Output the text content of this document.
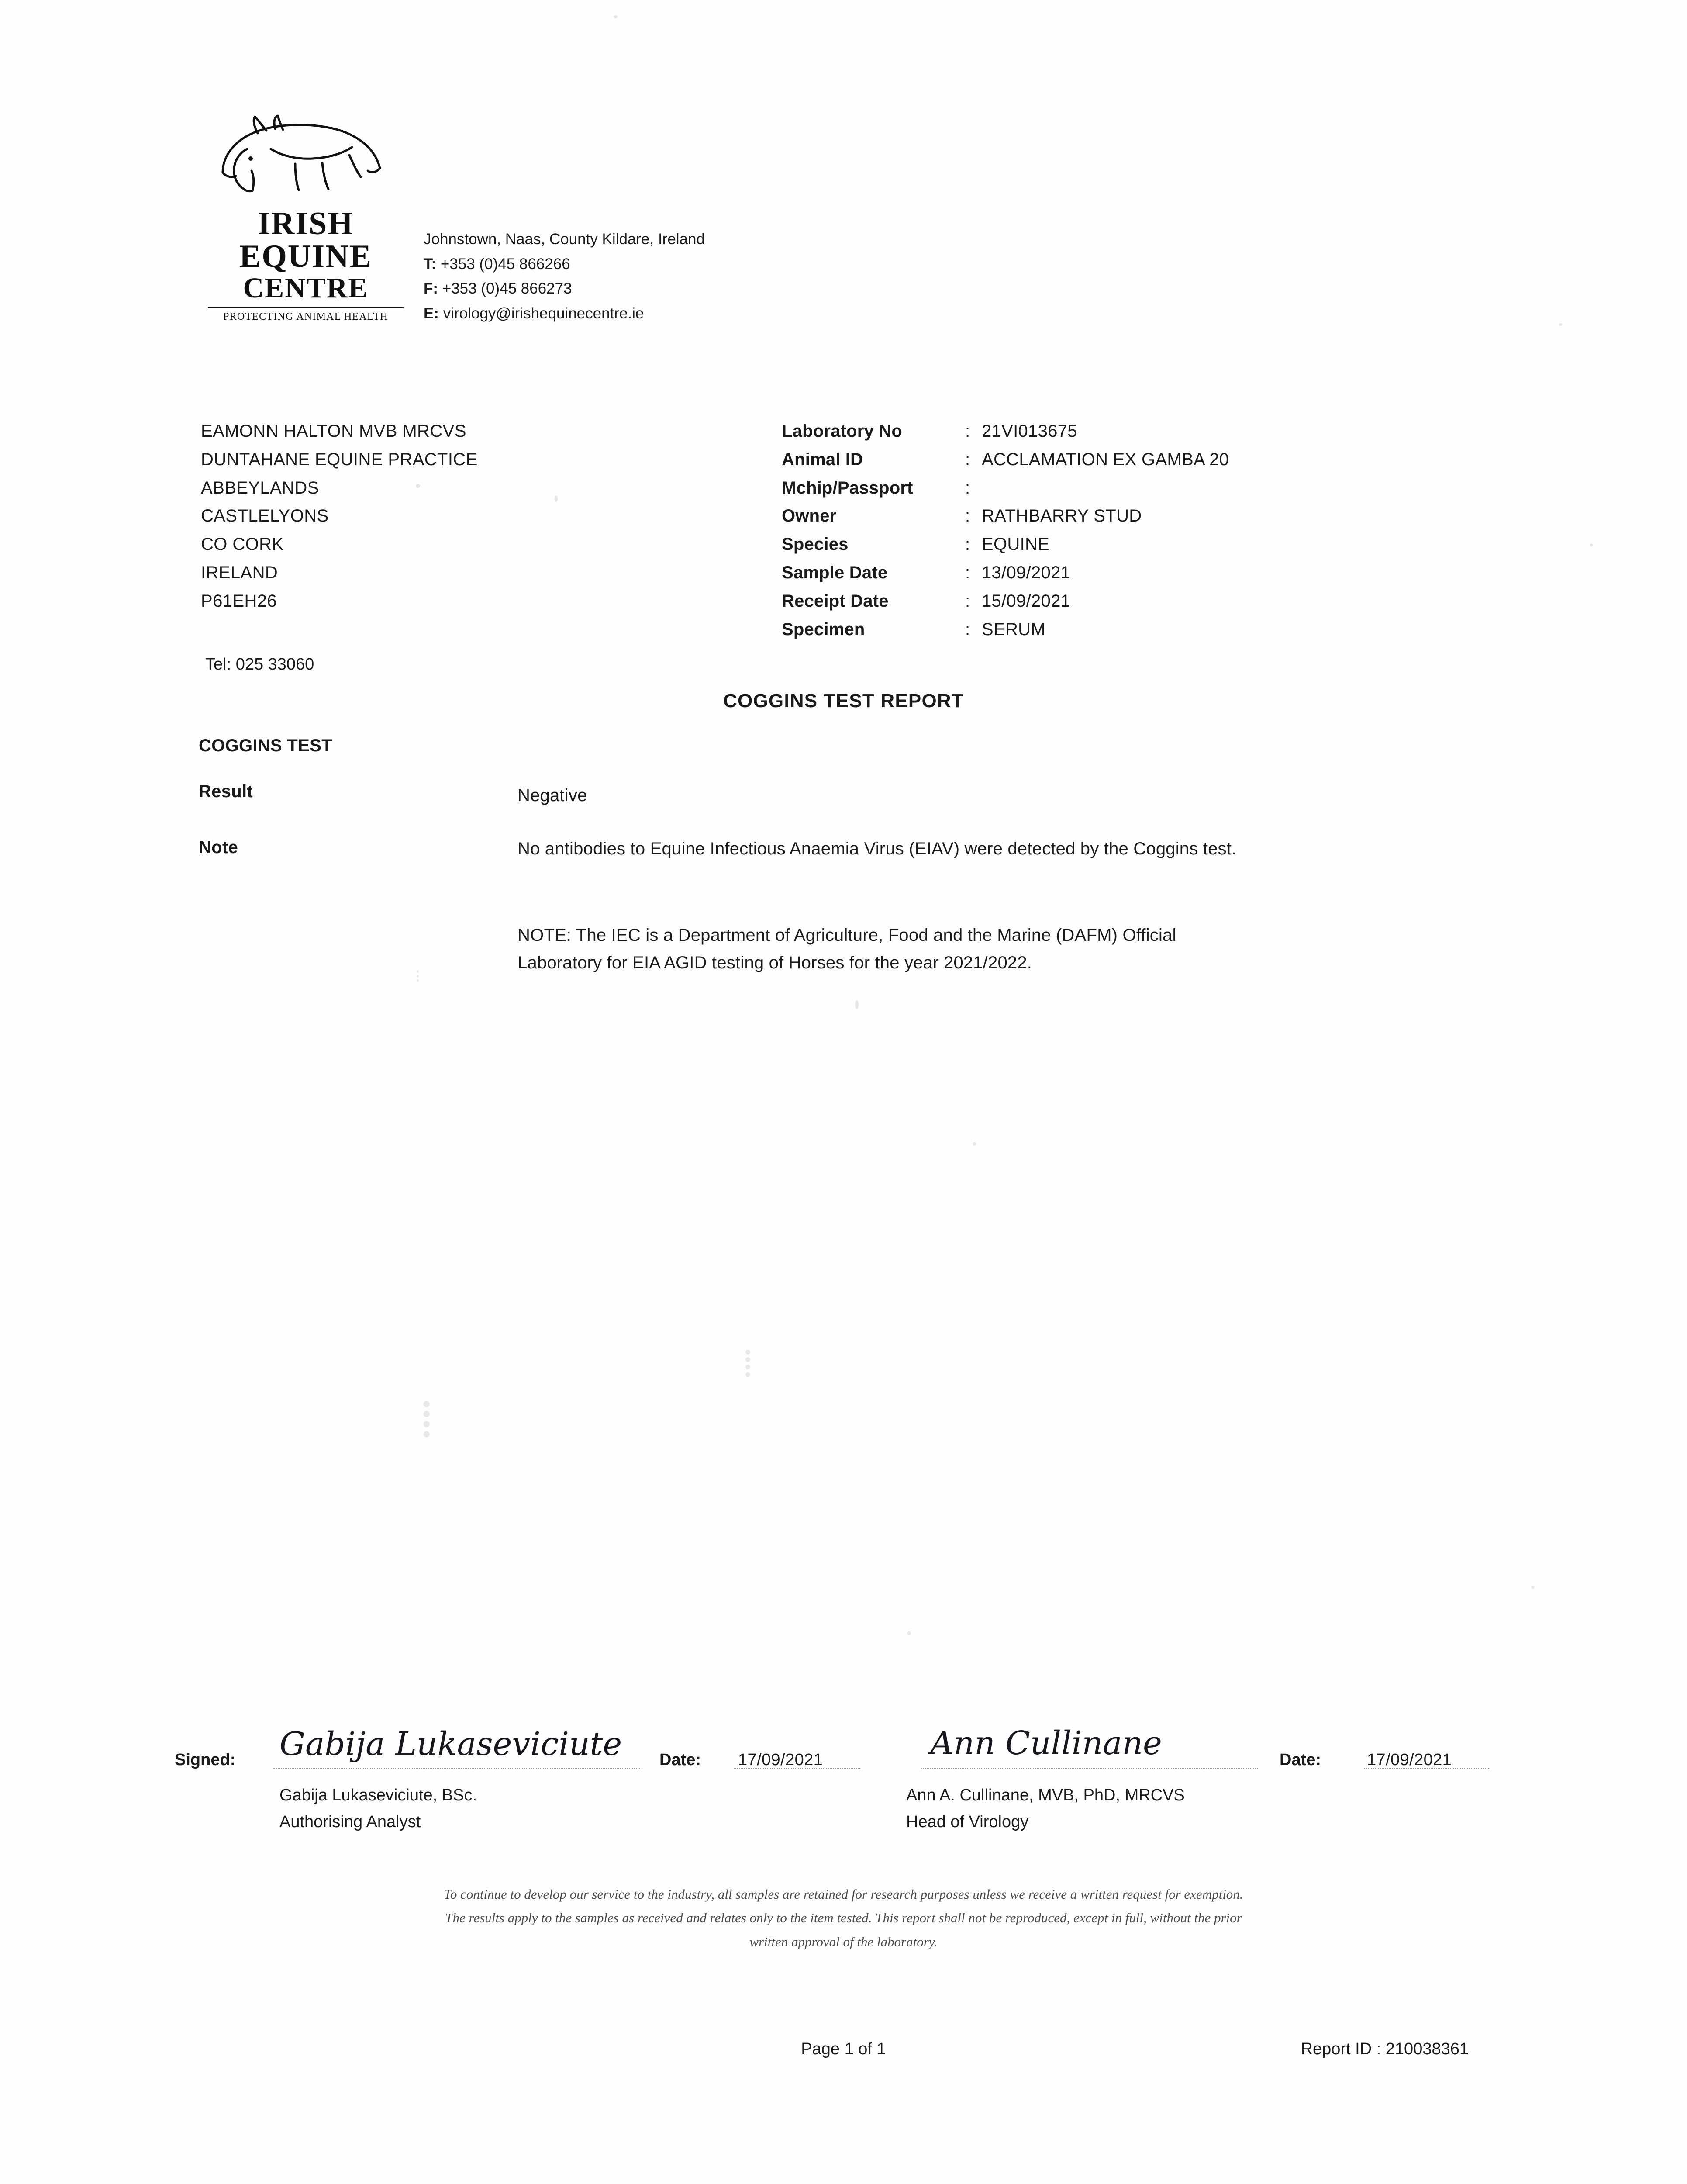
⁝
⁞
⁞
·
·
·
IRISH
EQUINE
CENTRE
PROTECTING ANIMAL HEALTH
Johnstown, Naas, County Kildare, Ireland
T: +353 (0)45 866266
F: +353 (0)45 866273
E: virology@irishequinecentre.ie
EAMONN HALTON MVB MRCVS
DUNTAHANE EQUINE PRACTICE
ABBEYLANDS
CASTLELYONS
CO CORK
IRELAND
P61EH26
Tel: 025 33060
Laboratory No	: 21VI013675
Animal ID	: ACCLAMATION EX GAMBA 20
Mchip/Passport	:
Owner	: RATHBARRY STUD
Species	: EQUINE
Sample Date	: 13/09/2021
Receipt Date	: 15/09/2021
Specimen	: SERUM
COGGINS TEST REPORT
COGGINS TEST
Result	Negative
Note	No antibodies to Equine Infectious Anaemia Virus (EIAV) were detected by the Coggins test.
NOTE: The IEC is a Department of Agriculture, Food and the Marine (DAFM) Official Laboratory for EIA AGID testing of Horses for the year 2021/2022.
Signed: Gabija Lukaseviciute Date: 17/09/2021	Ann Cullinane	Date:	17/09/2021
Gabija Lukaseviciute, BSc.
Authorising Analyst
Ann A. Cullinane, MVB, PhD, MRCVS
Head of Virology
To continue to develop our service to the industry, all samples are retained for research purposes unless we receive a written request for exemption.
The results apply to the samples as received and relates only to the item tested. This report shall not be reproduced, except in full, without the prior
written approval of the laboratory.
Page 1 of 1	Report ID : 210038361
